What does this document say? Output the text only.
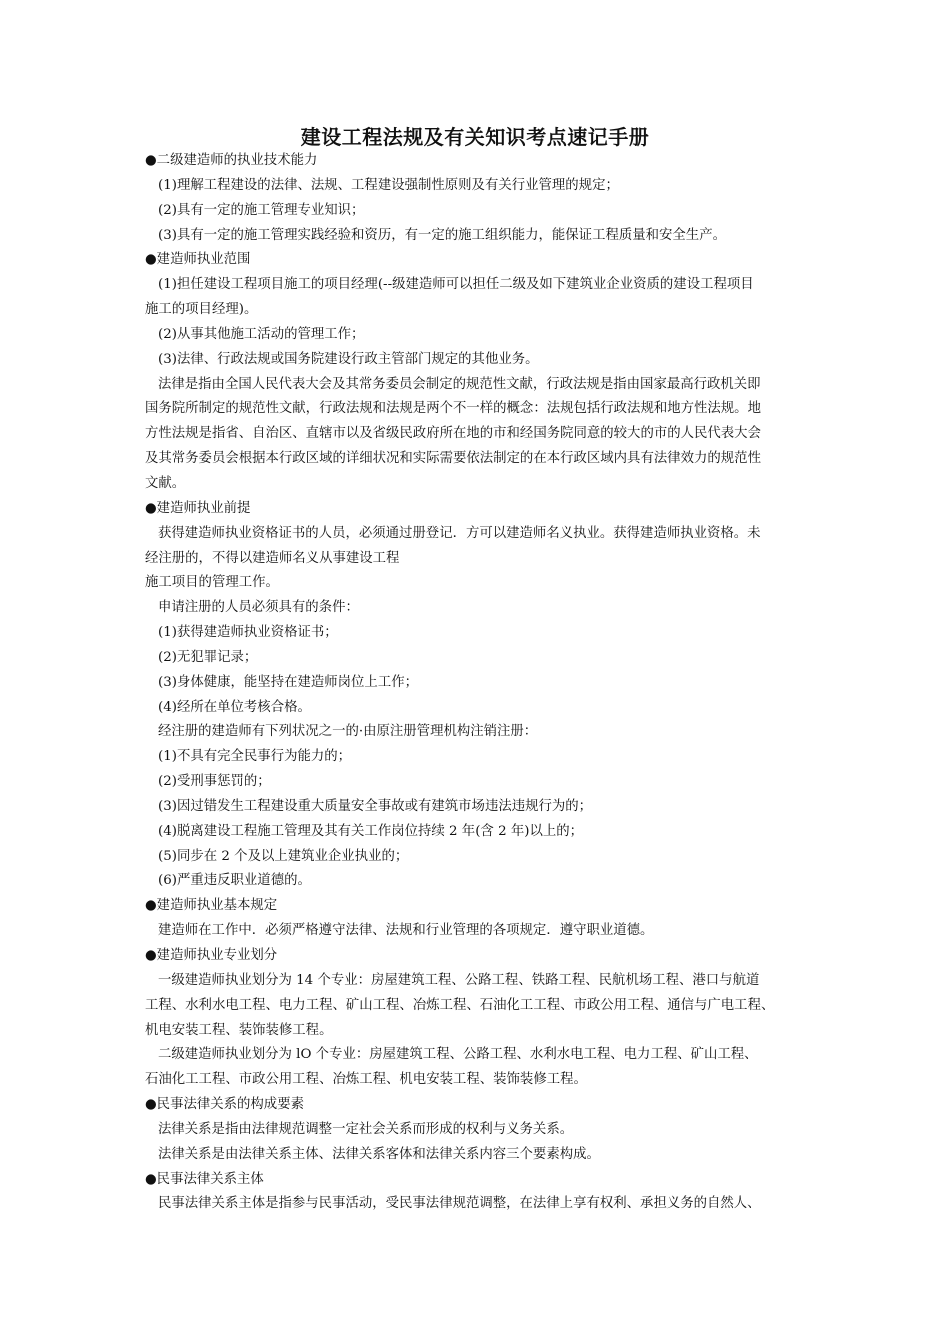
建设工程法规及有关知识考点速记手册
●二级建造师的执业技术能力
(1)理解工程建设的法律、法规、工程建设强制性原则及有关行业管理的规定；
(2)具有一定的施工管理专业知识；
(3)具有一定的施工管理实践经验和资历，有一定的施工组织能力，能保证工程质量和安全生产。
●建造师执业范围
(1)担任建设工程项目施工的项目经理(--级建造师可以担任二级及如下建筑业企业资质的建设工程项目
施工的项目经理)。
(2)从事其他施工活动的管理工作；
(3)法律、行政法规或国务院建设行政主管部门规定的其他业务。
法律是指由全国人民代表大会及其常务委员会制定的规范性文献，行政法规是指由国家最高行政机关即
国务院所制定的规范性文献，行政法规和法规是两个不一样的概念：法规包括行政法规和地方性法规。地
方性法规是指省、自治区、直辖市以及省级民政府所在地的市和经国务院同意的较大的市的人民代表大会
及其常务委员会根据本行政区域的详细状况和实际需要依法制定的在本行政区域内具有法律效力的规范性
文献。
●建造师执业前提
获得建造师执业资格证书的人员，必须通过册登记．方可以建造师名义执业。获得建造师执业资格。未
经注册的，不得以建造师名义从事建设工程
施工项目的管理工作。
申请注册的人员必须具有的条件：
(1)获得建造师执业资格证书；
(2)无犯罪记录；
(3)身体健康，能坚持在建造师岗位上工作；
(4)经所在单位考核合格。
经注册的建造师有下列状况之一的·由原注册管理机构注销注册：
(1)不具有完全民事行为能力的；
(2)受刑事惩罚的；
(3)因过错发生工程建设重大质量安全事故或有建筑市场违法违规行为的；
(4)脱离建设工程施工管理及其有关工作岗位持续 2 年(含 2 年)以上的；
(5)同步在 2 个及以上建筑业企业执业的；
(6)严重违反职业道德的。
●建造师执业基本规定
建造师在工作中．必须严格遵守法律、法规和行业管理的各项规定．遵守职业道德。
●建造师执业专业划分
一级建造师执业划分为 14 个专业：房屋建筑工程、公路工程、铁路工程、民航机场工程、港口与航道
工程、水利水电工程、电力工程、矿山工程、冶炼工程、石油化工工程、市政公用工程、通信与广电工程、
机电安装工程、装饰装修工程。
二级建造师执业划分为 lO 个专业：房屋建筑工程、公路工程、水利水电工程、电力工程、矿山工程、
石油化工工程、市政公用工程、冶炼工程、机电安装工程、装饰装修工程。
●民事法律关系的构成要素
法律关系是指由法律规范调整一定社会关系而形成的权利与义务关系。
法律关系是由法律关系主体、法律关系客体和法律关系内容三个要素构成。
●民事法律关系主体
民事法律关系主体是指参与民事活动，受民事法律规范调整，在法律上享有权利、承担义务的自然人、
